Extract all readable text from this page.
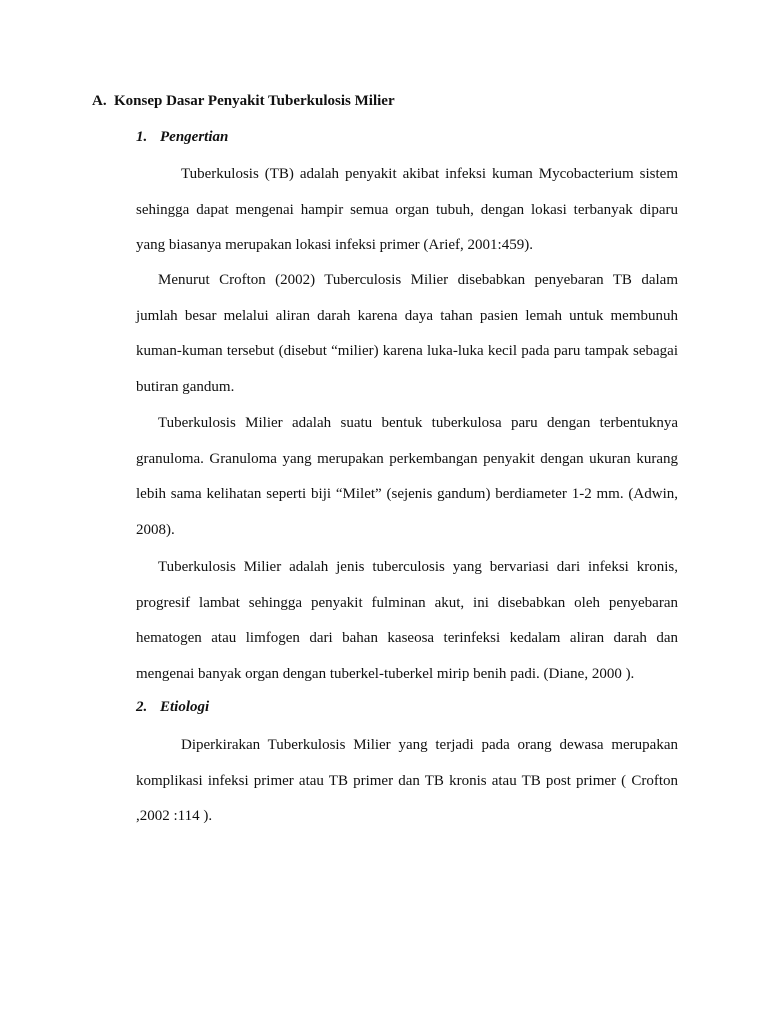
A. Konsep Dasar Penyakit Tuberkulosis Milier
1. Pengertian
Tuberkulosis (TB) adalah penyakit akibat infeksi kuman Mycobacterium sistem
sehingga dapat mengenai hampir semua organ tubuh, dengan lokasi terbanyak diparu
yang biasanya merupakan lokasi infeksi primer (Arief, 2001:459).
Menurut Crofton (2002) Tuberculosis Milier disebabkan penyebaran TB dalam
jumlah besar melalui aliran darah karena daya tahan pasien lemah untuk membunuh
kuman-kuman tersebut (disebut “milier) karena luka-luka kecil pada paru tampak sebagai
butiran gandum.
Tuberkulosis Milier adalah suatu bentuk tuberkulosa paru dengan terbentuknya
granuloma. Granuloma yang merupakan perkembangan penyakit dengan ukuran kurang
lebih sama kelihatan seperti biji “Milet” (sejenis gandum) berdiameter 1-2 mm. (Adwin,
2008).
Tuberkulosis Milier adalah jenis tuberculosis yang bervariasi dari infeksi kronis,
progresif lambat sehingga penyakit fulminan akut, ini disebabkan oleh penyebaran
hematogen atau limfogen dari bahan kaseosa terinfeksi kedalam aliran darah dan
mengenai banyak organ dengan tuberkel-tuberkel mirip benih padi. (Diane, 2000 ).
2. Etiologi
Diperkirakan Tuberkulosis Milier yang terjadi pada orang dewasa merupakan
komplikasi infeksi primer atau TB primer dan TB kronis atau TB post primer ( Crofton
,2002 :114 ).
